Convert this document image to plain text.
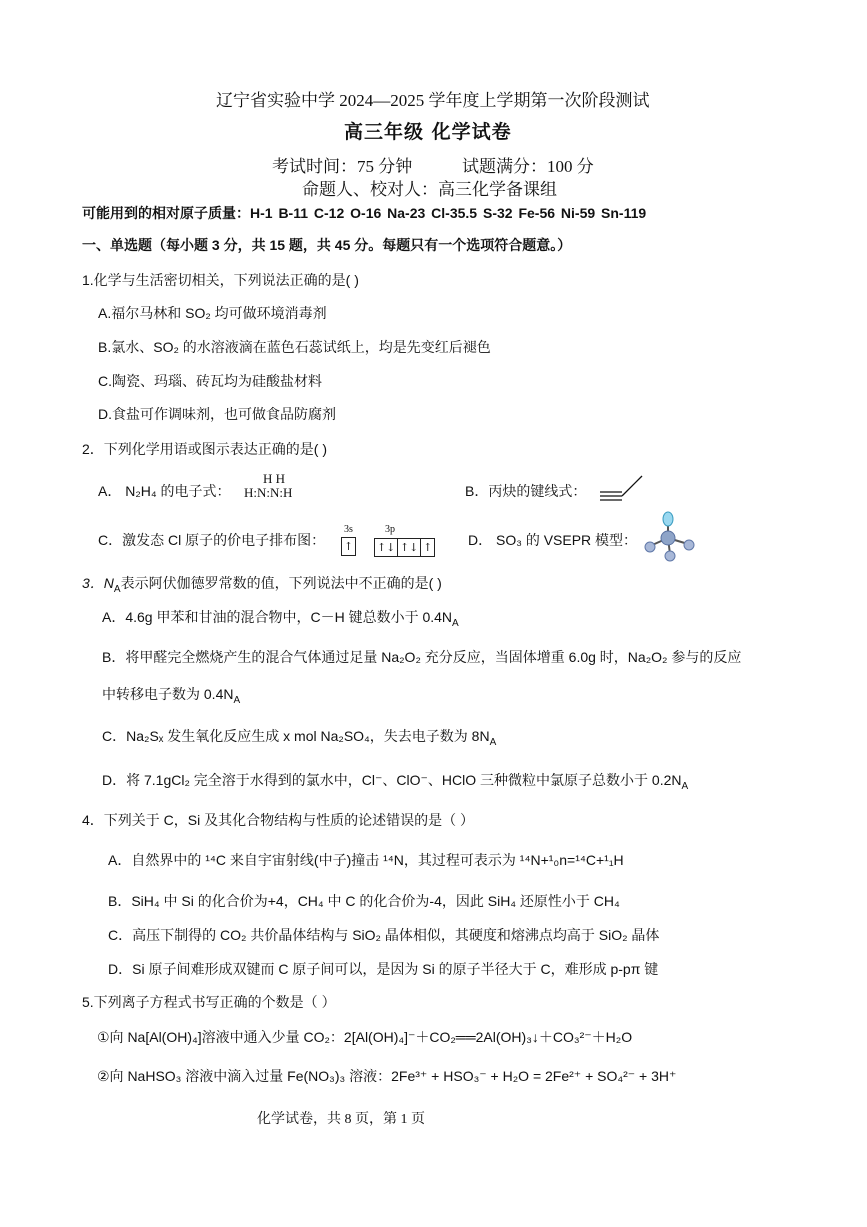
辽宁省实验中学 2024—2025 学年度上学期第一次阶段测试
高三年级 化学试卷
考试时间：75 分钟	试题满分：100 分
命题人、校对人：高三化学备课组
可能用到的相对原子质量：H-1 B-11 C-12 O-16 Na-23 Cl-35.5 S-32 Fe-56 Ni-59 Sn-119
一、单选题（每小题 3 分，共 15 题，共 45 分。每题只有一个选项符合题意。）
1.化学与生活密切相关，下列说法正确的是( )
A.福尔马林和 SO₂ 均可做环境消毒剂
B.氯水、SO₂ 的水溶液滴在蓝色石蕊试纸上，均是先变红后褪色
C.陶瓷、玛瑙、砖瓦均为硅酸盐材料
D.食盐可作调味剂，也可做食品防腐剂
2．下列化学用语或图示表达正确的是( )
A． N₂H₄ 的电子式：
H H
H:N:N:H	B．丙炔的键线式：
C．激发态 Cl 原子的价电子排布图：
3s
↑
3p
↑↓ ↑↓ ↑	D． SO₃ 的 VSEPR 模型：
3．$N_A$表示阿伏伽德罗常数的值，下列说法中不正确的是( )
A．4.6g 甲苯和甘油的混合物中，C－H 键总数小于 $0.4N_A$
B．将甲醛完全燃烧产生的混合气体通过足量 Na₂O₂ 充分反应，当固体增重 6.0g 时，Na₂O₂ 参与的反应
中转移电子数为 $0.4N_A$
C．Na₂Sₓ 发生氧化反应生成 x mol Na₂SO₄，失去电子数为 $8N_A$
D．将 7.1gCl₂ 完全溶于水得到的氯水中，Cl⁻、ClO⁻、HClO 三种微粒中氯原子总数小于 $0.2N_A$
4．下列关于 C，Si 及其化合物结构与性质的论述错误的是（ ）
A．自然界中的 ¹⁴C 来自宇宙射线(中子)撞击 ¹⁴N，其过程可表示为 ¹⁴N+¹₀n=¹⁴C+¹₁H
B．SiH₄ 中 Si 的化合价为+4，CH₄ 中 C 的化合价为-4，因此 SiH₄ 还原性小于 CH₄
C．高压下制得的 CO₂ 共价晶体结构与 SiO₂ 晶体相似，其硬度和熔沸点均高于 SiO₂ 晶体
D．Si 原子间难形成双键而 C 原子间可以，是因为 Si 的原子半径大于 C，难形成 p-pπ 键
5.下列离子方程式书写正确的个数是（ ）
①向 Na[Al(OH)₄]溶液中通入少量 CO₂：2[Al(OH)₄]⁻＋CO₂══2Al(OH)₃↓＋CO₃²⁻＋H₂O
②向 NaHSO₃ 溶液中滴入过量 Fe(NO₃)₃ 溶液：2Fe³⁺ + HSO₃⁻ + H₂O = 2Fe²⁺ + SO₄²⁻ + 3H⁺
化学试卷，共 8 页，第 1 页
